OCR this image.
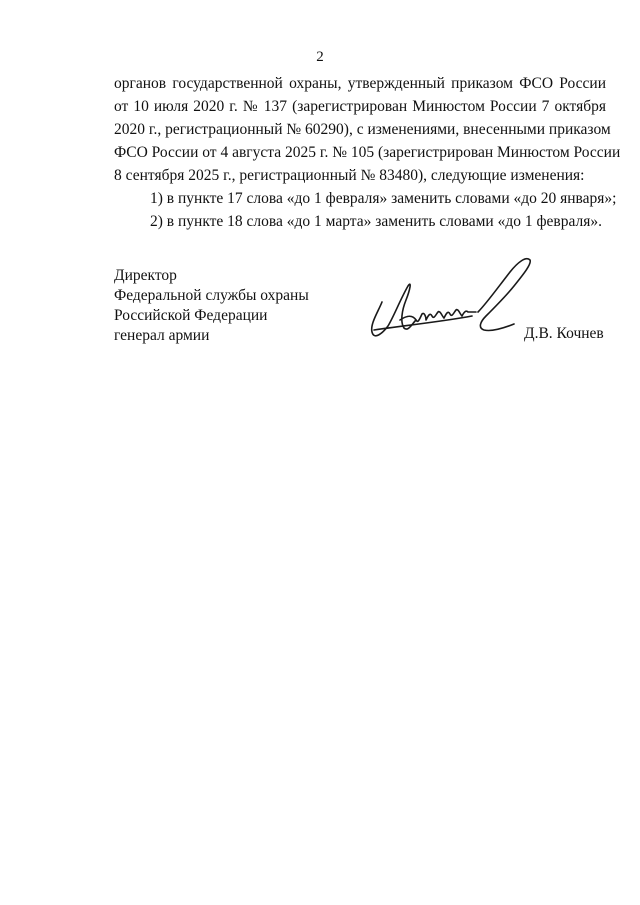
2
органов государственной охраны, утвержденный приказом ФСО России
от 10 июля 2020 г. № 137 (зарегистрирован Минюстом России 7 октября
2020 г., регистрационный № 60290), с изменениями, внесенными приказом
ФСО России от 4 августа 2025 г. № 105 (зарегистрирован Минюстом России
8 сентября 2025 г., регистрационный № 83480), следующие изменения:
1) в пункте 17 слова «до 1 февраля» заменить словами «до 20 января»;
2) в пункте 18 слова «до 1 марта» заменить словами «до 1 февраля».
Директор
Федеральной службы охраны
Российской Федерации
генерал армии	Д.В. Кочнев
